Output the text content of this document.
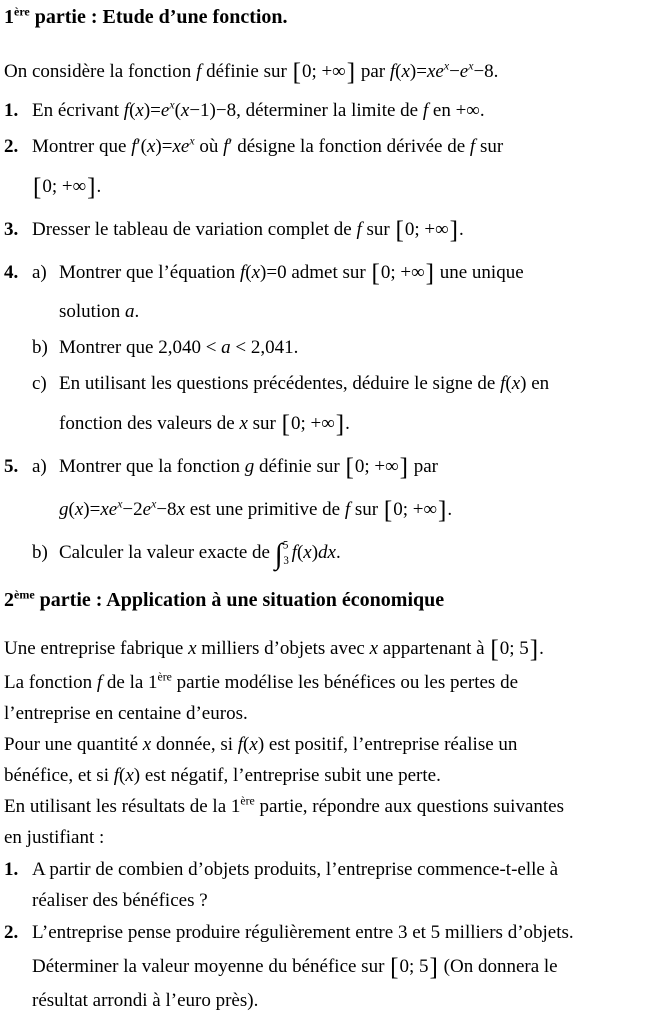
1ère partie : Etude d’une fonction.
On considère la fonction f définie sur [0; +∞] par $f(x)=xe^x-e^x-8$.
1. En écrivant $f(x)=e^x(x-1)-8$, déterminer la limite de f en +∞.
2. Montrer que $f'(x)=xe^x$ où f′ désigne la fonction dérivée de f sur
[0; +∞].
3. Dresser le tableau de variation complet de f sur [0; +∞].
4. a) Montrer que l’équation f(x)=0 admet sur [0; +∞] une unique
solution a.
b) Montrer que 2,040 < a < 2,041.
c) En utilisant les questions précédentes, déduire le signe de f(x) en
fonction des valeurs de x sur [0; +∞].
5. a) Montrer que la fonction g définie sur [0; +∞] par
$g(x)=xe^x-2e^x-8x$ est une primitive de f sur [0; +∞].
b) Calculer la valeur exacte de ∫$^5_3$ f(x)dx.
2ème partie : Application à une situation économique
Une entreprise fabrique x milliers d’objets avec x appartenant à [0; 5].
La fonction f de la 1ère partie modélise les bénéfices ou les pertes de
l’entreprise en centaine d’euros.
Pour une quantité x donnée, si f(x) est positif, l’entreprise réalise un
bénéfice, et si f(x) est négatif, l’entreprise subit une perte.
En utilisant les résultats de la 1ère partie, répondre aux questions suivantes
en justifiant :
1. A partir de combien d’objets produits, l’entreprise commence-t-elle à
réaliser des bénéfices ?
2. L’entreprise pense produire régulièrement entre 3 et 5 milliers d’objets.
Déterminer la valeur moyenne du bénéfice sur [0; 5] (On donnera le
résultat arrondi à l’euro près).
